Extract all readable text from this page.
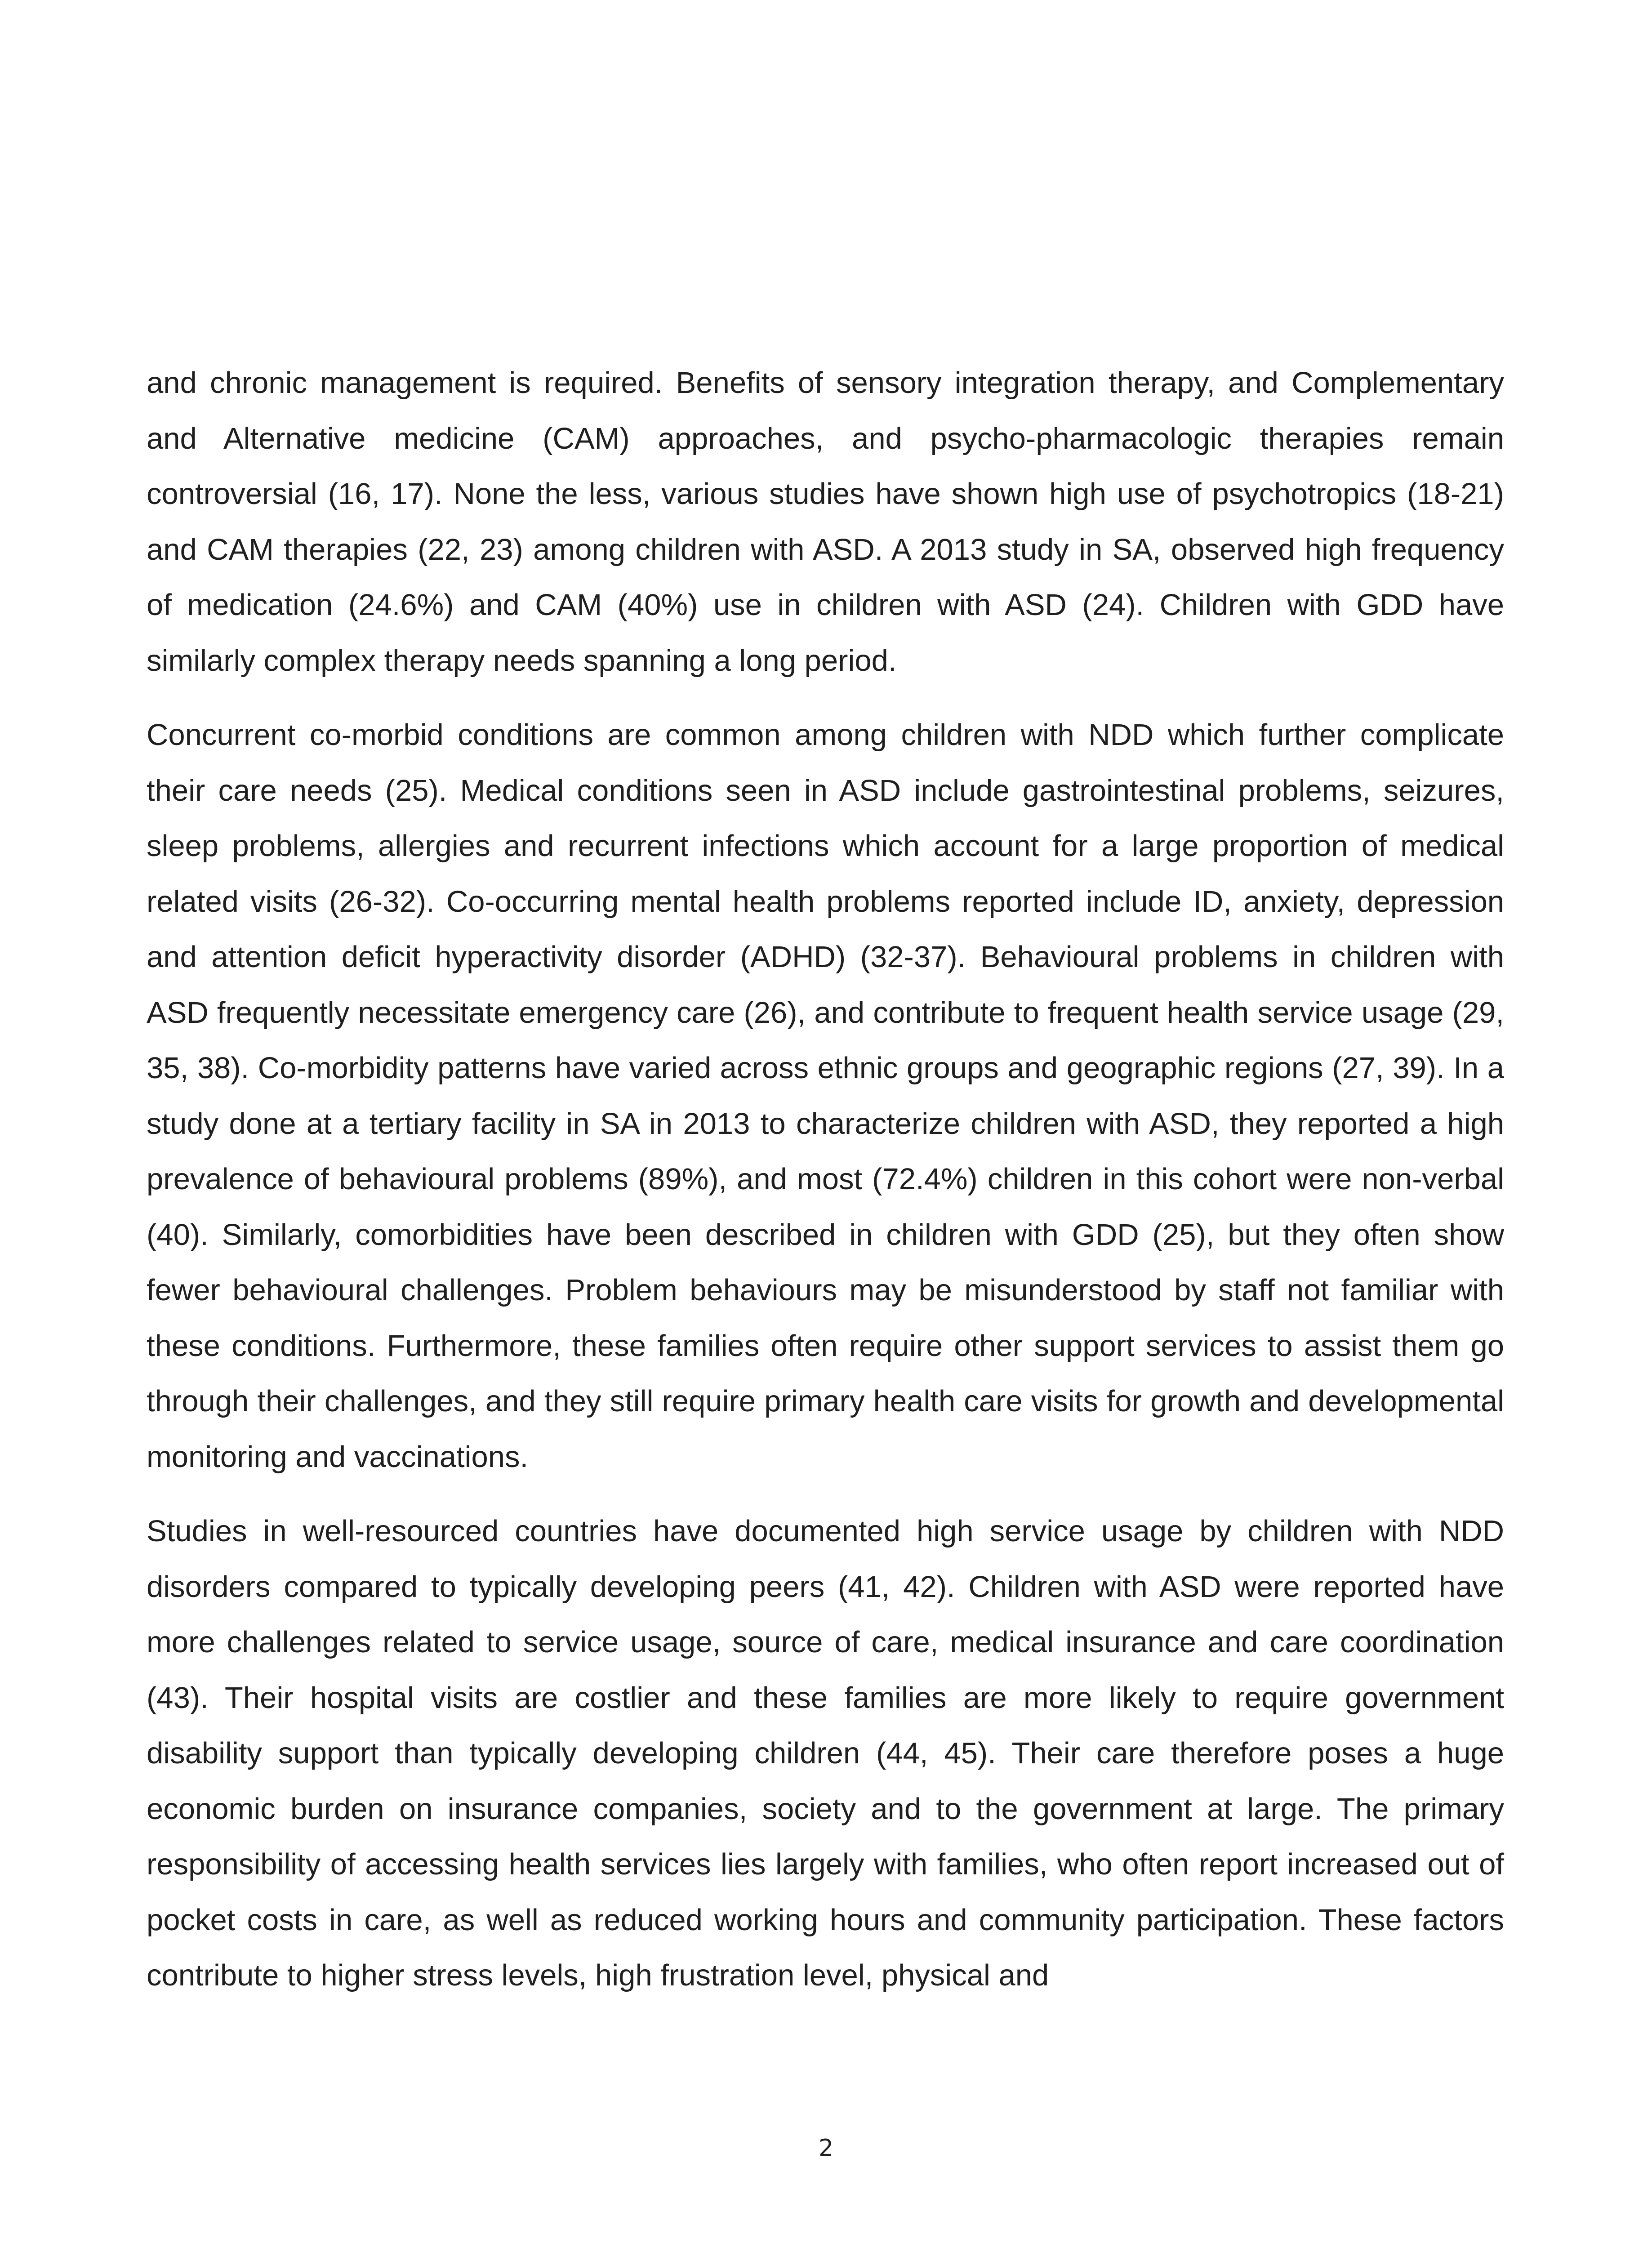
and chronic management is required. Benefits of sensory integration therapy, and Complementary and Alternative medicine (CAM) approaches, and psycho-pharmacologic therapies remain controversial (16, 17). None the less, various studies have shown high use of psychotropics (18-21) and CAM therapies (22, 23) among children with ASD. A 2013 study in SA, observed high frequency of medication (24.6%) and CAM (40%) use in children with ASD (24). Children with GDD have similarly complex therapy needs spanning a long period.

Concurrent co-morbid conditions are common among children with NDD which further complicate their care needs (25). Medical conditions seen in ASD include gastrointestinal problems, seizures, sleep problems, allergies and recurrent infections which account for a large proportion of medical related visits (26-32). Co-occurring mental health problems reported include ID, anxiety, depression and attention deficit hyperactivity disorder (ADHD) (32-37). Behavioural problems in children with ASD frequently necessitate emergency care (26), and contribute to frequent health service usage (29, 35, 38). Co-morbidity patterns have varied across ethnic groups and geographic regions (27, 39). In a study done at a tertiary facility in SA in 2013 to characterize children with ASD, they reported a high prevalence of behavioural problems (89%), and most (72.4%) children in this cohort were non-verbal (40). Similarly, comorbidities have been described in children with GDD (25), but they often show fewer behavioural challenges. Problem behaviours may be misunderstood by staff not familiar with these conditions. Furthermore, these families often require other support services to assist them go through their challenges, and they still require primary health care visits for growth and developmental monitoring and vaccinations.

Studies in well-resourced countries have documented high service usage by children with NDD disorders compared to typically developing peers (41, 42). Children with ASD were reported have more challenges related to service usage, source of care, medical insurance and care coordination (43). Their hospital visits are costlier and these families are more likely to require government disability support than typically developing children (44, 45). Their care therefore poses a huge economic burden on insurance companies, society and to the government at large. The primary responsibility of accessing health services lies largely with families, who often report increased out of pocket costs in care, as well as reduced working hours and community participation. These factors contribute to higher stress levels, high frustration level, physical and

2
